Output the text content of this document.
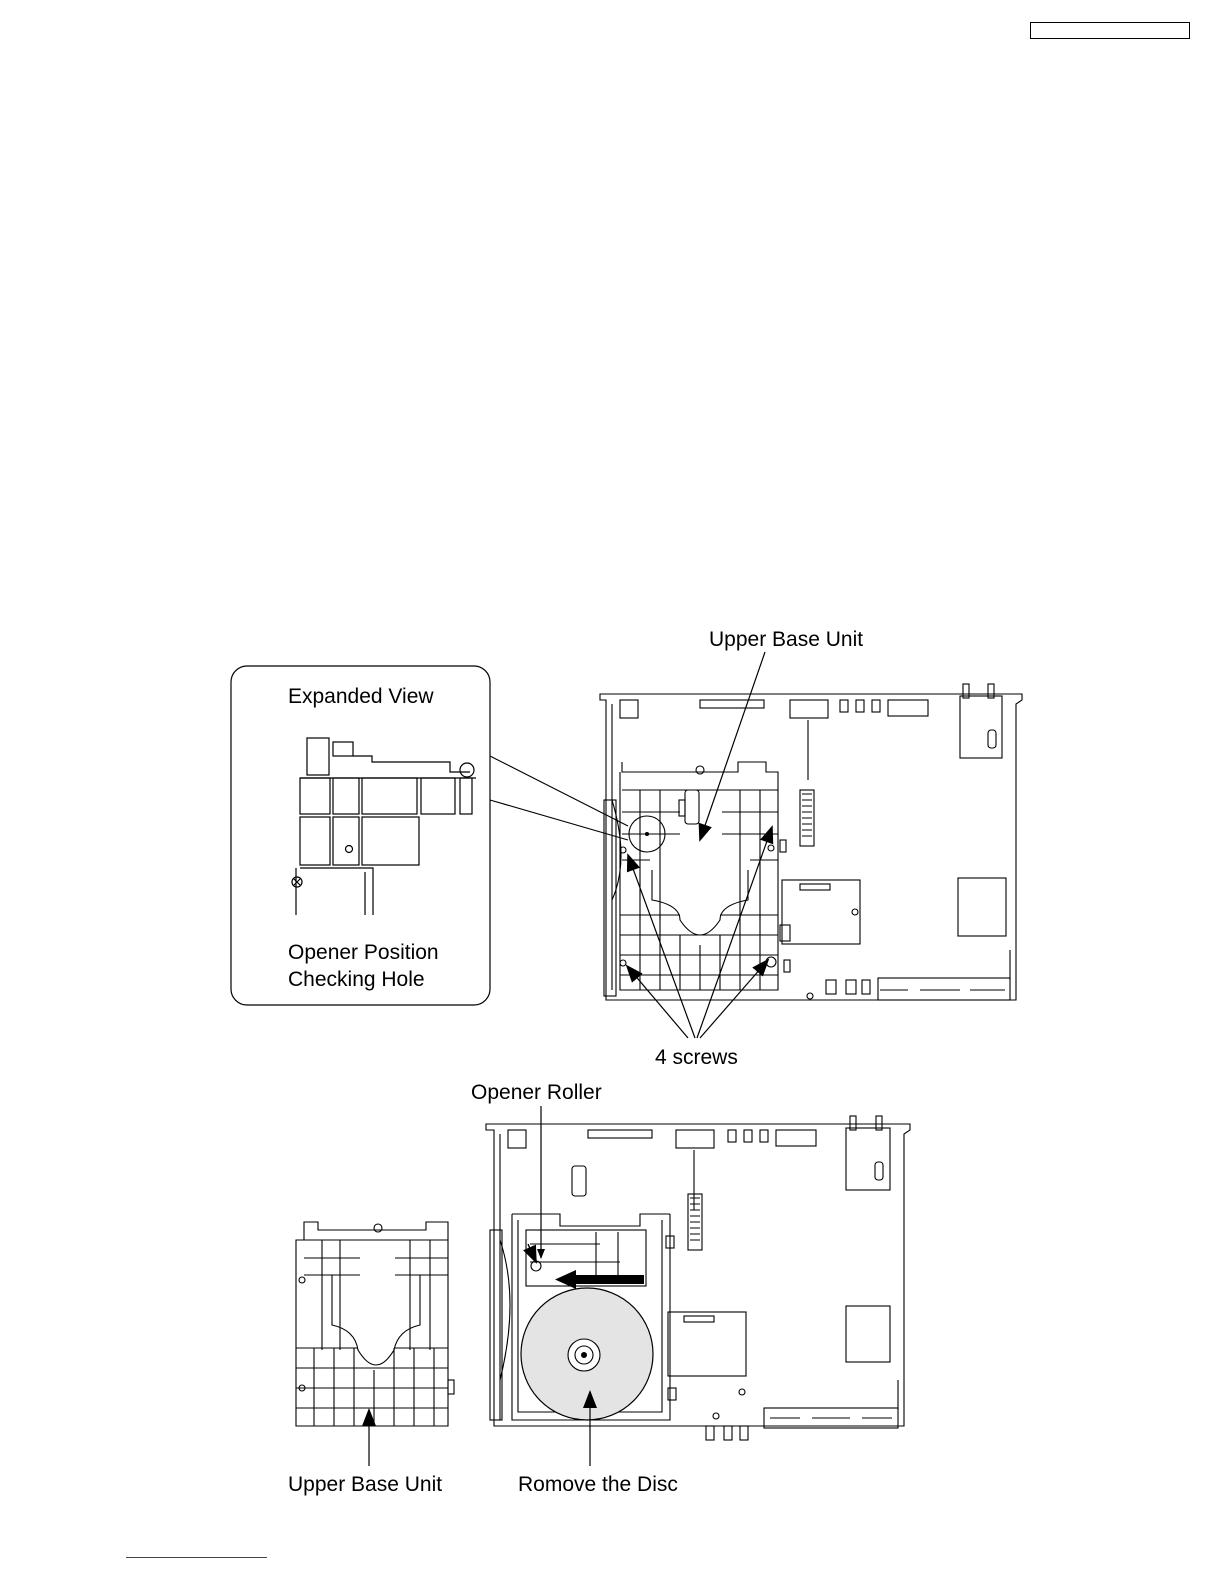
Upper Base Unit
Expanded View
Opener Position
Checking Hole
4 screws
Opener Roller
Upper Base Unit	Romove the Disc
